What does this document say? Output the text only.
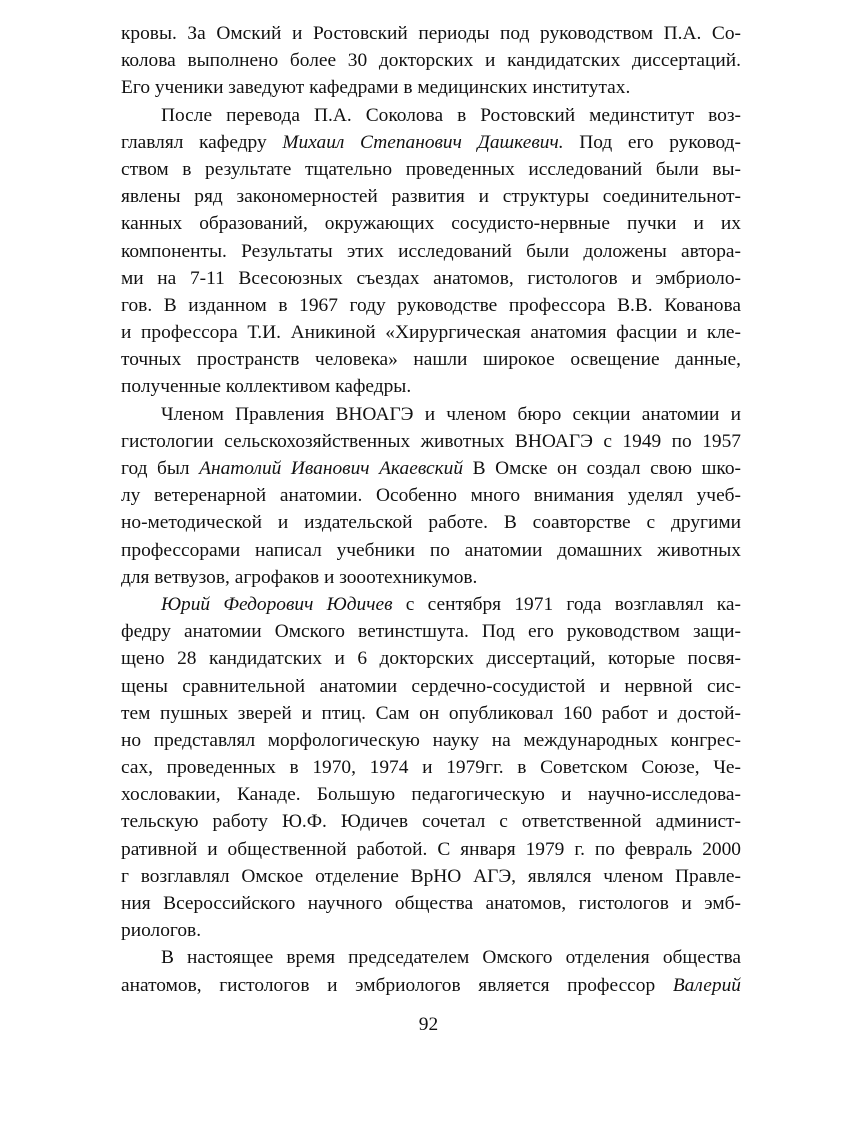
кровы. За Омский и Ростовский периоды под руководством П.А. Со-
колова выполнено более 30 докторских и кандидатских диссертаций.
Его ученики заведуют кафедрами в медицинских институтах.
После перевода П.А. Соколова в Ростовский мединститут воз-
главлял кафедру Михаил Степанович Дашкевич. Под его руковод-
ством в результате тщательно проведенных исследований были вы-
явлены ряд закономерностей развития и структуры соединительнот-
канных образований, окружающих сосудисто-нервные пучки и их
компоненты. Результаты этих исследований были доложены автора-
ми на 7-11 Всесоюзных съездах анатомов, гистологов и эмбриоло-
гов. В изданном в 1967 году руководстве профессора В.В. Кованова
и профессора Т.И. Аникиной «Хирургическая анатомия фасции и кле-
точных пространств человека» нашли широкое освещение данные,
полученные коллективом кафедры.
Членом Правления ВНОАГЭ и членом бюро секции анатомии и
гистологии сельскохозяйственных животных ВНОАГЭ с 1949 по 1957
год был Анатолий Иванович Акаевский В Омске он создал свою шко-
лу ветеренарной анатомии. Особенно много внимания уделял учеб-
но-методической и издательской работе. В соавторстве с другими
профессорами написал учебники по анатомии домашних животных
для ветвузов, агрофаков и зооотехникумов.
Юрий Федорович Юдичев с сентября 1971 года возглавлял ка-
федру анатомии Омского ветинстшута. Под его руководством защи-
щено 28 кандидатских и 6 докторских диссертаций, которые посвя-
щены сравнительной анатомии сердечно-сосудистой и нервной сис-
тем пушных зверей и птиц. Сам он опубликовал 160 работ и достой-
но представлял морфологическую науку на международных конгрес-
сах, проведенных в 1970, 1974 и 1979гг. в Советском Союзе, Че-
хословакии, Канаде. Большую педагогическую и научно-исследова-
тельскую работу Ю.Ф. Юдичев сочетал с ответственной админист-
ративной и общественной работой. С января 1979 г. по февраль 2000
г возглавлял Омское отделение ВрНО АГЭ, являлся членом Правле-
ния Всероссийского научного общества анатомов, гистологов и эмб-
риологов.
В настоящее время председателем Омского отделения общества
анатомов, гистологов и эмбриологов является профессор Валерий
92
